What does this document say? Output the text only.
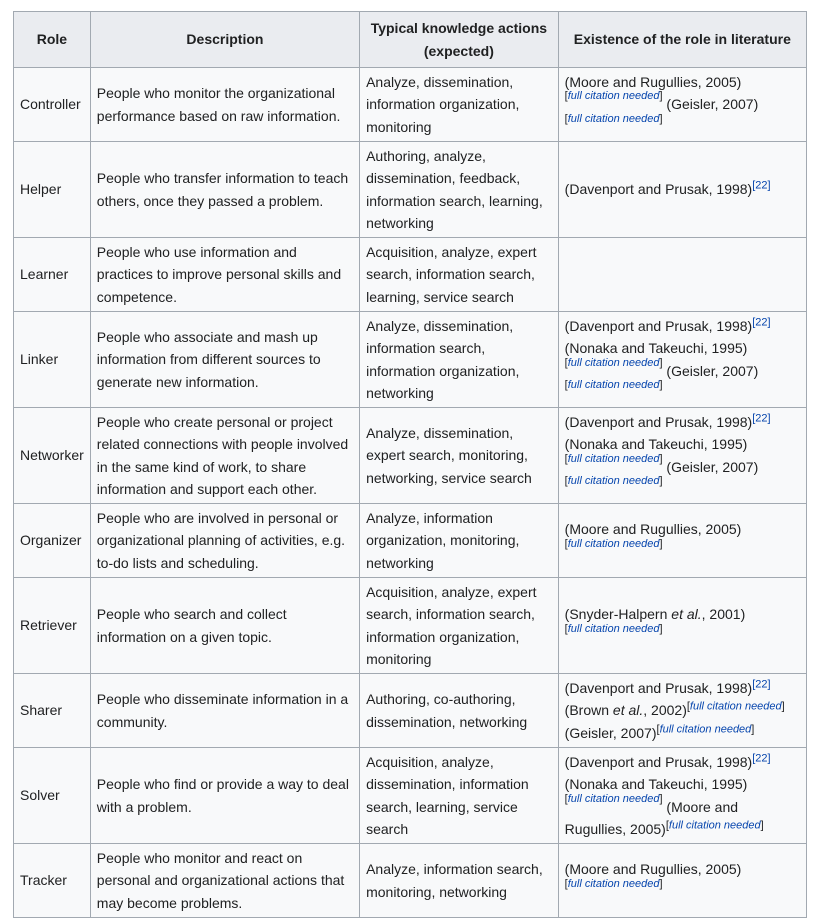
Role	Description	Typical knowledge actions (expected)	Existence of the role in literature
Controller	People who monitor the organizational performance based on raw information.	Analyze, dissemination, information organization, monitoring	(Moore and Rugullies, 2005)
[full citation needed] (Geisler, 2007)
[full citation needed]
Helper	People who transfer information to teach others, once they passed a problem.	Authoring, analyze, dissemination, feedback, information search, learning, networking	(Davenport and Prusak, 1998)[22]
Learner	People who use information and practices to improve personal skills and competence.	Acquisition, analyze, expert search, information search, learning, service search	
Linker	People who associate and mash up information from different sources to generate new information.	Analyze, dissemination, information search, information organization, networking	(Davenport and Prusak, 1998)[22]
(Nonaka and Takeuchi, 1995)
[full citation needed] (Geisler, 2007)
[full citation needed]
Networker	People who create personal or project related connections with people involved in the same kind of work, to share information and support each other.	Analyze, dissemination, expert search, monitoring, networking, service search	(Davenport and Prusak, 1998)[22]
(Nonaka and Takeuchi, 1995)
[full citation needed] (Geisler, 2007)
[full citation needed]
Organizer	People who are involved in personal or organizational planning of activities, e.g. to-do lists and scheduling.	Analyze, information organization, monitoring, networking	(Moore and Rugullies, 2005)
[full citation needed]
Retriever	People who search and collect information on a given topic.	Acquisition, analyze, expert search, information search, information organization, monitoring	(Snyder-Halpern et al., 2001)
[full citation needed]
Sharer	People who disseminate information in a community.	Authoring, co-authoring, dissemination, networking	(Davenport and Prusak, 1998)[22]
(Brown et al., 2002)[full citation needed]
(Geisler, 2007)[full citation needed]
Solver	People who find or provide a way to deal with a problem.	Acquisition, analyze, dissemination, information search, learning, service search	(Davenport and Prusak, 1998)[22]
(Nonaka and Takeuchi, 1995)
[full citation needed] (Moore and Rugullies, 2005)[full citation needed]
Tracker	People who monitor and react on personal and organizational actions that may become problems.	Analyze, information search, monitoring, networking	(Moore and Rugullies, 2005)
[full citation needed]
